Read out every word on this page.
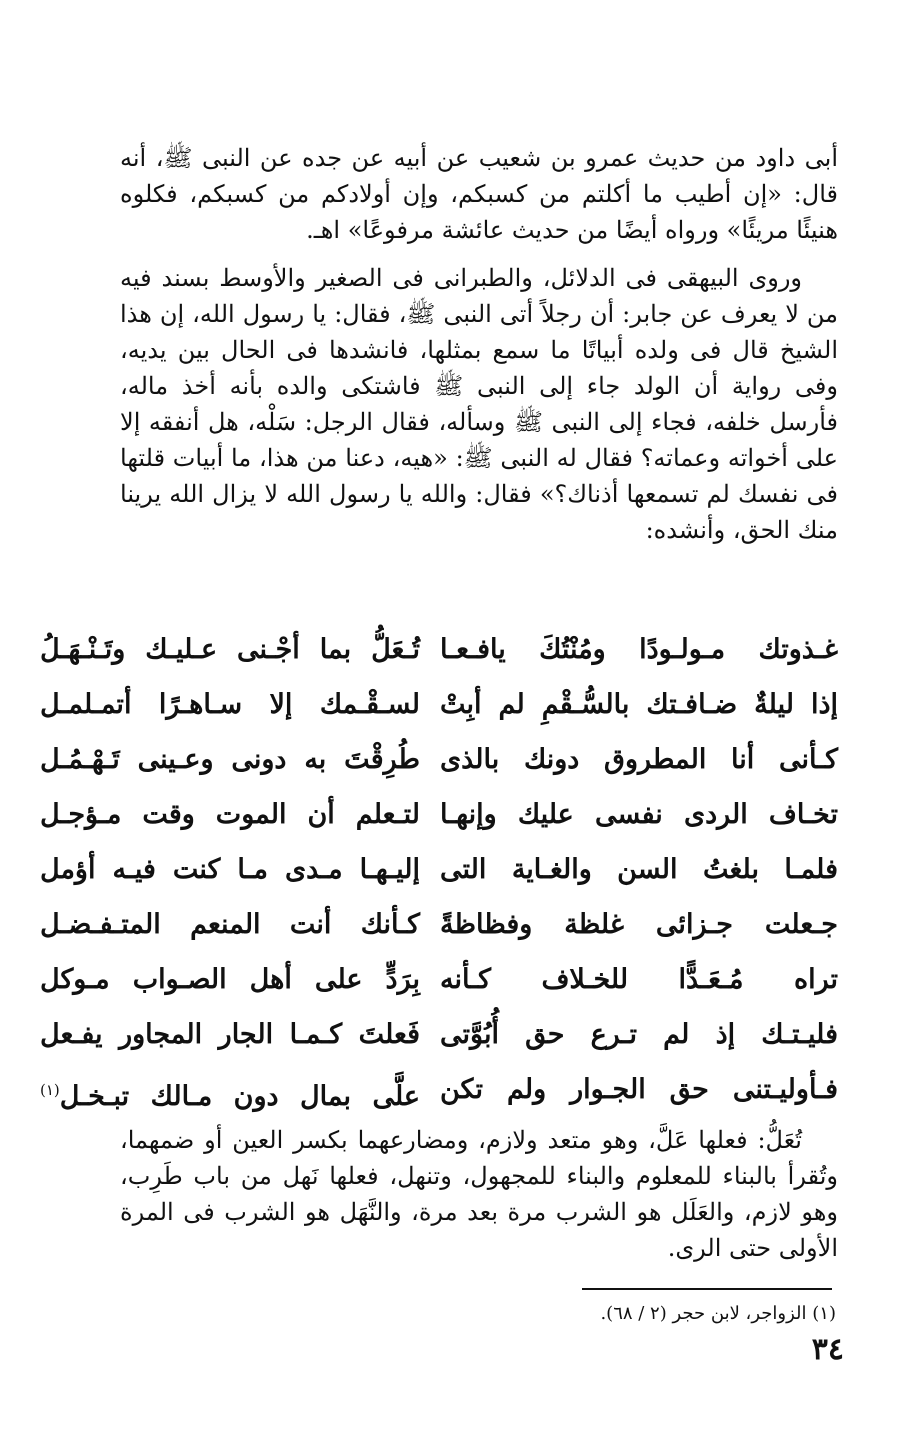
أبى داود من حديث عمرو بن شعيب عن أبيه عن جده عن النبى ﷺ، أنه قال: «إن أطيب ما أكلتم من كسبكم، وإن أولادكم من كسبكم، فكلوه هنيئًا مريئًا» ورواه أيضًا من حديث عائشة مرفوعًا» اهـ.

وروى البيهقى فى الدلائل، والطبرانى فى الصغير والأوسط بسند فيه من لا يعرف عن جابر: أن رجلاً أتى النبى ﷺ، فقال: يا رسول الله، إن هذا الشيخ قال فى ولده أبياتًا ما سمع بمثلها، فانشدها فى الحال بين يديه، وفى رواية أن الولد جاء إلى النبى ﷺ فاشتكى والده بأنه أخذ ماله، فأرسل خلفه، فجاء إلى النبى ﷺ وسأله، فقال الرجل: سَلْه، هل أنفقه إلا على أخواته وعماته؟ فقال له النبى ﷺ: «هيه، دعنا من هذا، ما أبيات قلتها فى نفسك لم تسمعها أذناك؟» فقال: والله يا رسول الله لا يزال الله يرينا منك الحق، وأنشده:

غـذوتك مـولـودًا ومُنْتُكَ يافـعـا
تُـعَلُّ بما أجْـنى عـليـك وتَـنْـهَـلُ
إذا ليلةٌ ضـافـتك بالسُّـقْمِ لم أبِتْ
لسـقْـمك إلا سـاهـرًا أتمـلمـل
كـأنى أنا المطروق دونك بالذى
طُرِقْتَ به دونى وعـينى تَـهْـمُـل
تخـاف الردى نفسى عليك وإنهـا
لتـعلم أن الموت وقت مـؤجـل
فلمـا بلغتُ السن والغـاية التى
إليـهـا مـدى مـا كنت فيـه أؤمل
جـعلت جـزائى غلظة وفظاظةً
كـأنك أنت المنعم المتـفـضـل
تراه مُـعَـدًّا للخـلاف كـأنه
بِرَدٍّ على أهل الصـواب مـوكل
فليـتـك إذ لم تـرع حق أُبُوَّتى
فَعلتَ كـمـا الجار المجاور يفـعل
فـأوليـتنى حق الجـوار ولم تكن
علَّى بمال دون مـالك تبـخـل$^{(١)}$

تُعَلُّ: فعلها عَلَّ، وهو متعد ولازم، ومضارعهما بكسر العين أو ضمهما، وتُقرأ بالبناء للمعلوم والبناء للمجهول، وتنهل، فعلها نَهل من باب طَرِب، وهو لازم، والعَلَل هو الشرب مرة بعد مرة، والنَّهَل هو الشرب فى المرة الأولى حتى الرى.

(١) الزواجر، لابن حجر (٢ / ٦٨).
٣٤
